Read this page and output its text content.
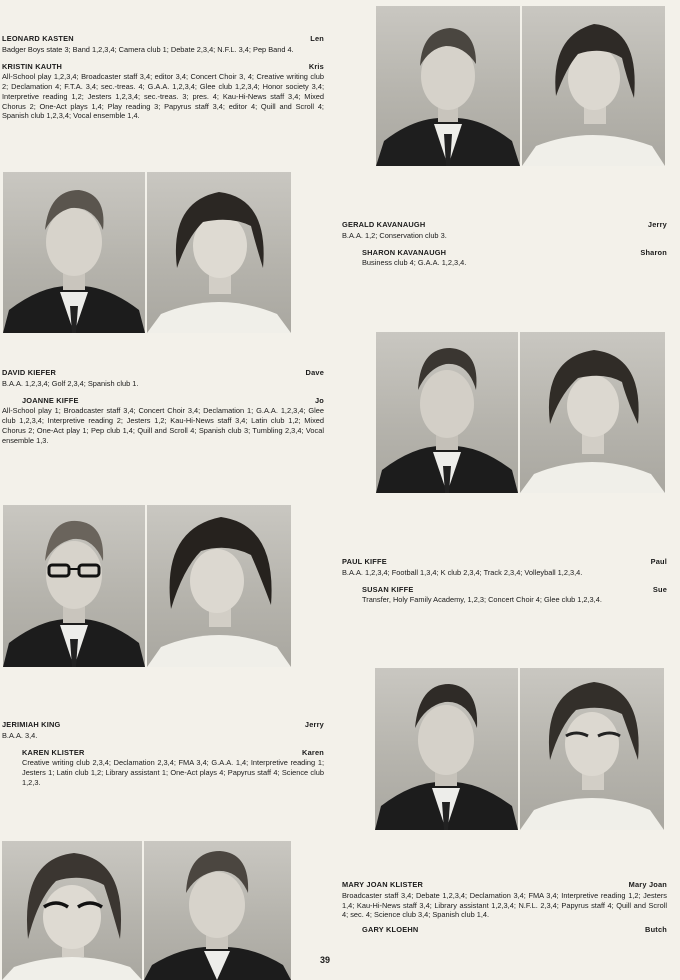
LEONARD KASTEN	Len
Badger Boys state 3; Band 1,2,3,4; Camera club 1; Debate 2,3,4; N.F.L. 3,4; Pep Band 4.
KRISTIN KAUTH	Kris
All-School play 1,2,3,4; Broadcaster staff 3,4; editor 3,4; Concert Choir 3, 4; Creative writing club 2; Declamation 4; F.T.A. 3,4; sec.-treas. 4; G.A.A. 1,2,3,4; Glee club 1,2,3,4; Honor society 3,4; Interpretive reading 1,2; Jesters 1,2,3,4; sec.-treas. 3; pres. 4; Kau-Hi-News staff 3,4; Mixed Chorus 2; One-Act plays 1,4; Play reading 3; Papyrus staff 3,4; editor 4; Quill and Scroll 4; Spanish club 1,2,3,4; Vocal ensemble 1,4.
GERALD KAVANAUGH	Jerry
B.A.A. 1,2; Conservation club 3.
SHARON KAVANAUGH	Sharon
Business club 4; G.A.A. 1,2,3,4.
DAVID KIEFER	Dave
B.A.A. 1,2,3,4; Golf 2,3,4; Spanish club 1.
JOANNE KIFFE	Jo
All-School play 1; Broadcaster staff 3,4; Concert Choir 3,4; Declamation 1; G.A.A. 1,2,3,4; Glee club 1,2,3,4; Interpretive reading 2; Jesters 1,2; Kau-Hi-News staff 3,4; Latin club 1,2; Mixed Chorus 2; One-Act play 1; Pep club 1,4; Quill and Scroll 4; Spanish club 3; Tumbling 2,3,4; Vocal ensemble 1,3.
PAUL KIFFE	Paul
B.A.A. 1,2,3,4; Football 1,3,4; K club 2,3,4; Track 2,3,4; Volleyball 1,2,3,4.
SUSAN KIFFE	Sue
Transfer, Holy Family Academy, 1,2,3; Concert Choir 4; Glee club 1,2,3,4.
JERIMIAH KING	Jerry
B.A.A. 3,4.
KAREN KLISTER	Karen
Creative writing club 2,3,4; Declamation 2,3,4; FMA 3,4; G.A.A. 1,4; Interpretive reading 1; Jesters 1; Latin club 1,2; Library assistant 1; One-Act plays 4; Papyrus staff 4; Science club 1,2,3.
MARY JOAN KLISTER	Mary Joan
Broadcaster staff 3,4; Debate 1,2,3,4; Declamation 3,4; FMA 3,4; Interpretive reading 1,2; Jesters 1,4; Kau-Hi-News staff 3,4; Library assistant 1,2,3,4; N.F.L. 2,3,4; Papyrus staff 4; Quill and Scroll 4; sec. 4; Science club 3,4; Spanish club 1,4.
GARY KLOEHN	Butch
39
